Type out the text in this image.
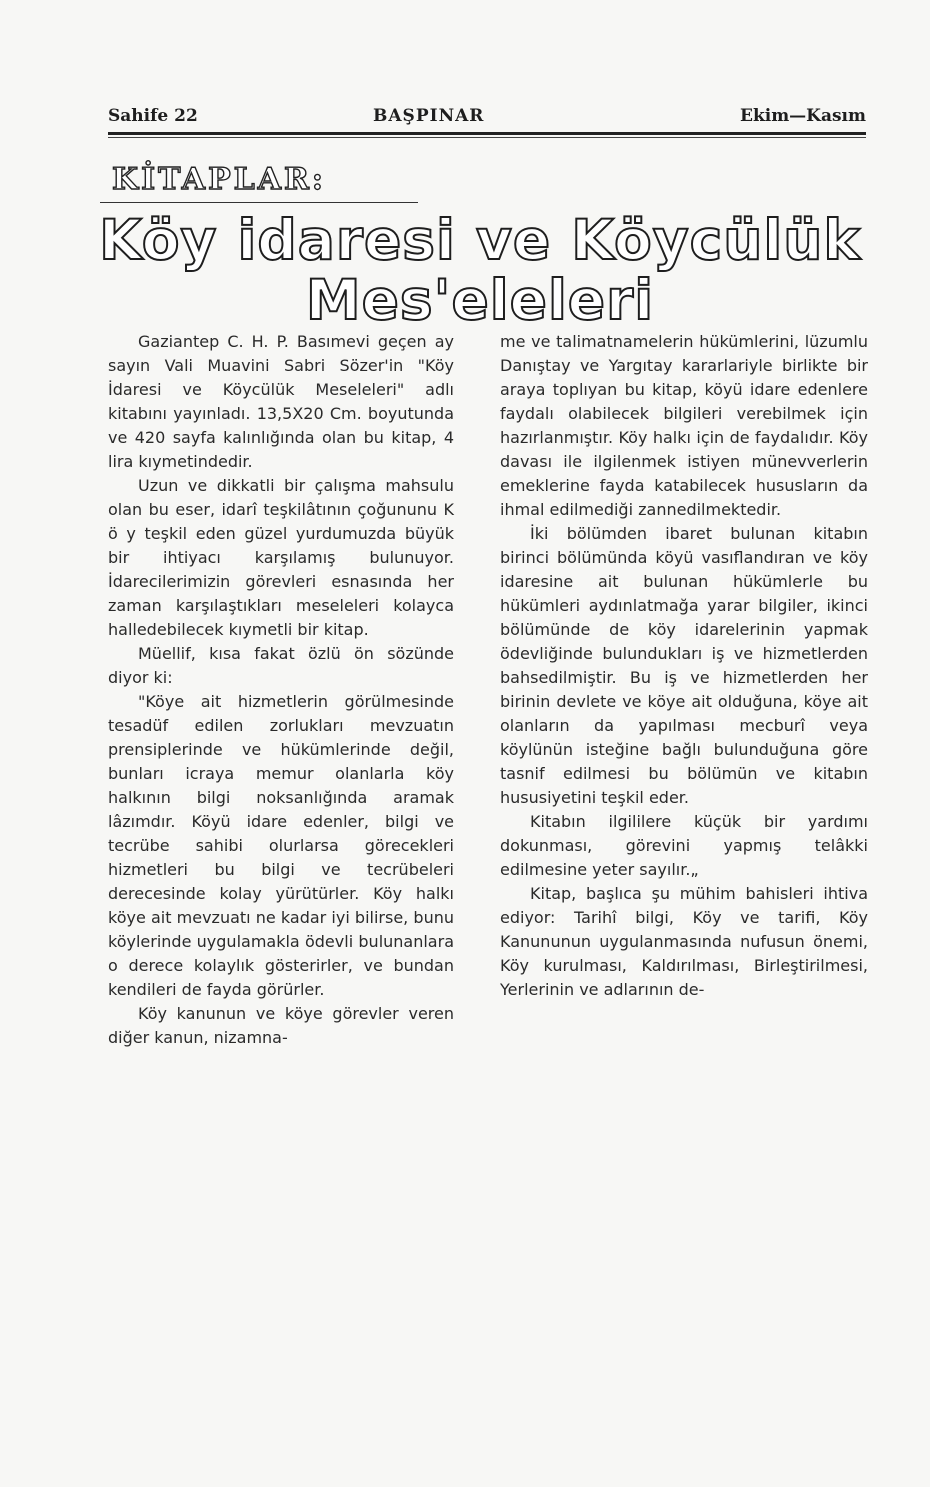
Sahife 22	BAŞPINAR	Ekim—Kasım
KİTAPLAR:
Köy idaresi ve Köycülük
Mes'eleleri

Gaziantep C. H. P. Basımevi geçen ay sayın Vali Muavini Sabri Sözer'in "Köy İdaresi ve Köycülük Meseleleri" adlı kitabını yayınladı. 13,5X20 Cm. boyutunda ve 420 sayfa kalınlığında olan bu kitap, 4 lira kıymetindedir.

Uzun ve dikkatli bir çalışma mahsulu olan bu eser, idarî teşkilâtının çoğununu K ö y teşkil eden güzel yurdumuzda büyük bir ihtiyacı karşılamış bulunuyor. İdarecilerimizin görevleri esnasında her zaman karşılaştıkları meseleleri kolayca halledebilecek kıymetli bir kitap.

Müellif, kısa fakat özlü ön sözünde diyor ki:

"Köye ait hizmetlerin görülmesinde tesadüf edilen zorlukları mevzuatın prensiplerinde ve hükümlerinde değil, bunları icraya memur olanlarla köy halkının bilgi noksanlığında aramak lâzımdır. Köyü idare edenler, bilgi ve tecrübe sahibi olurlarsa görecekleri hizmetleri bu bilgi ve tecrübeleri derecesinde kolay yürütürler. Köy halkı köye ait mevzuatı ne kadar iyi bilirse, bunu köylerinde uygulamakla ödevli bulunanlara o derece kolaylık gösterirler, ve bundan kendileri de fayda görürler.

Köy kanunun ve köye görevler veren diğer kanun, nizamna-

me ve talimatnamelerin hükümlerini, lüzumlu Danıştay ve Yargıtay kararlariyle birlikte bir araya toplıyan bu kitap, köyü idare edenlere faydalı olabilecek bilgileri verebilmek için hazırlanmıştır. Köy halkı için de faydalıdır. Köy davası ile ilgilenmek istiyen münevverlerin emeklerine fayda katabilecek hususların da ihmal edilmediği zannedilmektedir.

İki bölümden ibaret bulunan kitabın birinci bölümünda köyü vasıflandıran ve köy idaresine ait bulunan hükümlerle bu hükümleri aydınlatmağa yarar bilgiler, ikinci bölümünde de köy idarelerinin yapmak ödevliğinde bulundukları iş ve hizmetlerden bahsedilmiştir. Bu iş ve hizmetlerden her birinin devlete ve köye ait olduğuna, köye ait olanların da yapılması mecburî veya köylünün isteğine bağlı bulunduğuna göre tasnif edilmesi bu bölümün ve kitabın hususiyetini teşkil eder.

Kitabın ilgililere küçük bir yardımı dokunması, görevini yapmış telâkki edilmesine yeter sayılır.„

Kitap, başlıca şu mühim bahisleri ihtiva ediyor: Tarihî bilgi, Köy ve tarifi, Köy Kanununun uygulanmasında nufusun önemi, Köy kurulması, Kaldırılması, Birleştirilmesi, Yerlerinin ve adlarının de-
